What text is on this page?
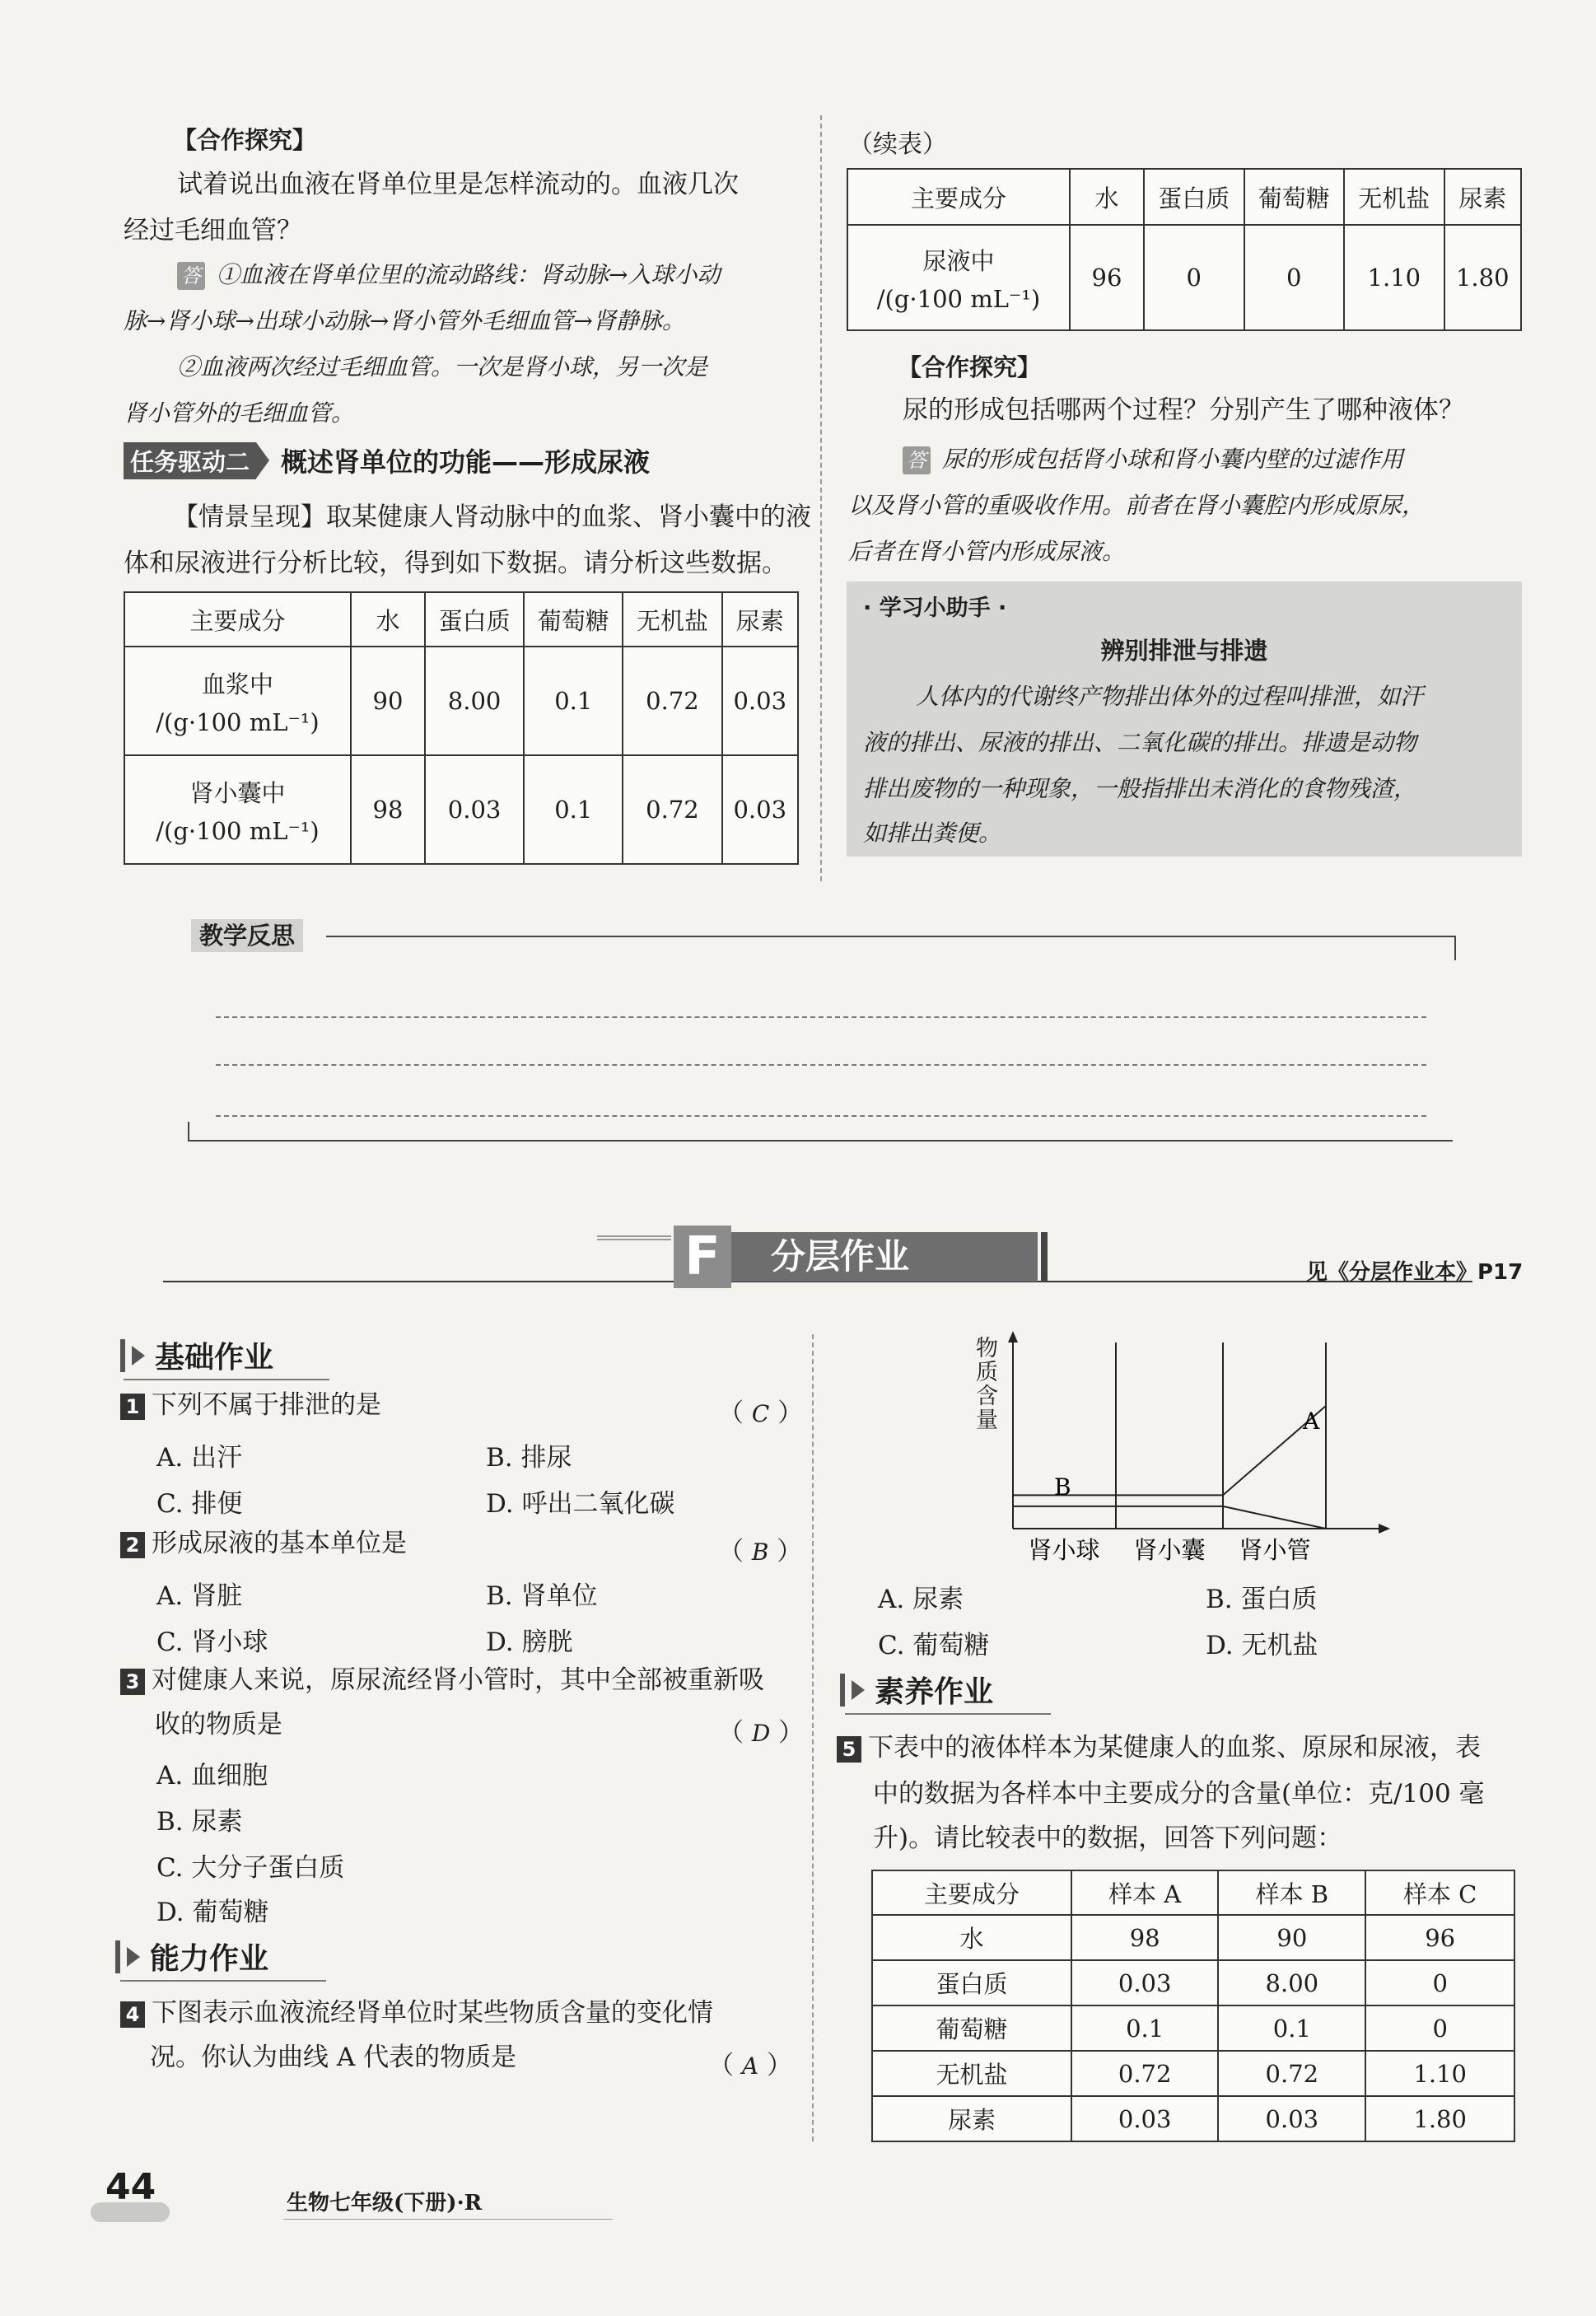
【合作探究】

试着说出血液在肾单位里是怎样流动的。血液几次

经过毛细血管？

答 ①血液在肾单位里的流动路线：肾动脉→入球小动
脉→肾小球→出球小动脉→肾小管外毛细血管→肾静脉。
②血液两次经过毛细血管。一次是肾小球，另一次是
肾小管外的毛细血管。
任务驱动二 概述肾单位的功能——形成尿液

【情景呈现】取某健康人肾动脉中的血浆、肾小囊中的液

体和尿液进行分析比较，得到如下数据。请分析这些数据。

主要成分	水	蛋白质	葡萄糖	无机盐	尿素

血浆中
/(g·100 mL⁻¹)	90	8.00	0.1	0.72	0.03

肾小囊中
/(g·100 mL⁻¹)	98	0.03	0.1	0.72	0.03
（续表）
主要成分	水	蛋白质	葡萄糖	无机盐	尿素

尿液中
/(g·100 mL⁻¹)	96	0	0	1.10	1.80
【合作探究】

尿的形成包括哪两个过程？分别产生了哪种液体？

答 尿的形成包括肾小球和肾小囊内壁的过滤作用
以及肾小管的重吸收作用。前者在肾小囊腔内形成原尿，
后者在肾小管内形成尿液。
· 学习小助手 ·
辨别排泄与排遗
人体内的代谢终产物排出体外的过程叫排泄，如汗
液的排出、尿液的排出、二氧化碳的排出。排遗是动物
排出废物的一种现象，一般指排出未消化的食物残渣，
如排出粪便。
教学反思
F	分层作业	见《分层作业本》P17
基础作业
1 下列不属于排泄的是	（ C ）
A. 出汗	B. 排尿
C. 排便	D. 呼出二氧化碳
2 形成尿液的基本单位是	（ B ）
A. 肾脏	B. 肾单位
C. 肾小球	D. 膀胱
3 对健康人来说，原尿流经肾小管时，其中全部被重新吸

收的物质是	（ D ）
A. 血细胞
B. 尿素
C. 大分子蛋白质
D. 葡萄糖
能力作业
4 下图表示血液流经肾单位时某些物质含量的变化情

况。你认为曲线 A 代表的物质是	（ A ）
A
B
肾小球 肾小囊 肾小管
物质含量
A. 尿素	B. 蛋白质
C. 葡萄糖	D. 无机盐
素养作业
5 下表中的液体样本为某健康人的血浆、原尿和尿液，表

中的数据为各样本中主要成分的含量(单位：克/100 毫

升)。请比较表中的数据，回答下列问题：

主要成分	样本 A	样本 B	样本 C
水	98	90	96
蛋白质	0.03	8.00	0
葡萄糖	0.1	0.1	0
无机盐	0.72	0.72	1.10
尿素	0.03	0.03	1.80
44	生物七年级(下册)·R
